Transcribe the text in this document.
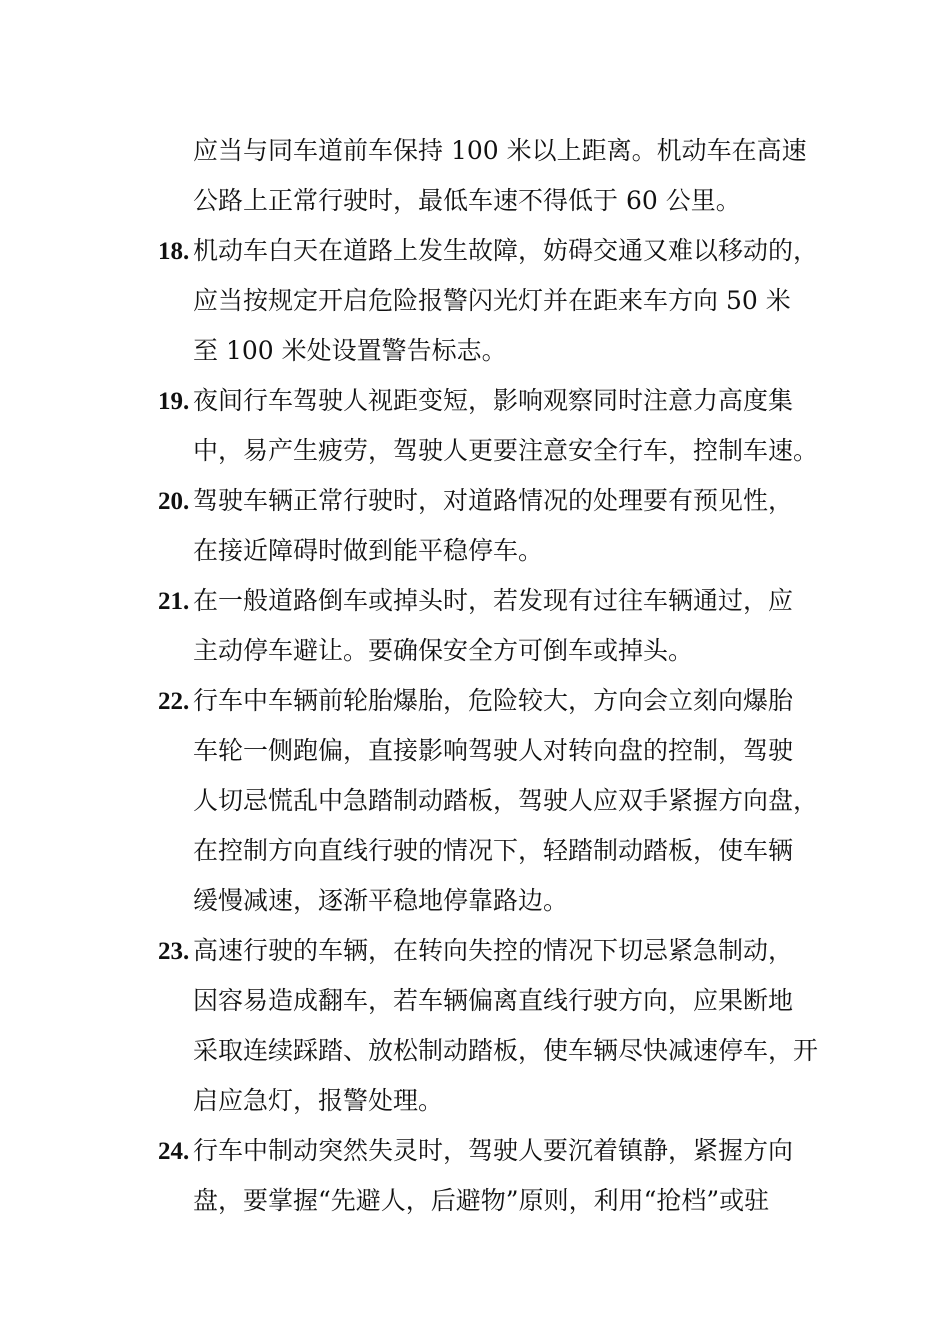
应当与同车道前车保持 100 米以上距离。机动车在高速
公路上正常行驶时，最低车速不得低于 60 公里。
18. 机动车白天在道路上发生故障，妨碍交通又难以移动的，
应当按规定开启危险报警闪光灯并在距来车方向 50 米
至 100 米处设置警告标志。
19. 夜间行车驾驶人视距变短，影响观察同时注意力高度集
中，易产生疲劳，驾驶人更要注意安全行车，控制车速。
20. 驾驶车辆正常行驶时，对道路情况的处理要有预见性，
在接近障碍时做到能平稳停车。
21. 在一般道路倒车或掉头时，若发现有过往车辆通过，应
主动停车避让。要确保安全方可倒车或掉头。
22. 行车中车辆前轮胎爆胎，危险较大，方向会立刻向爆胎
车轮一侧跑偏，直接影响驾驶人对转向盘的控制，驾驶
人切忌慌乱中急踏制动踏板，驾驶人应双手紧握方向盘，
在控制方向直线行驶的情况下，轻踏制动踏板，使车辆
缓慢减速，逐渐平稳地停靠路边。
23. 高速行驶的车辆，在转向失控的情况下切忌紧急制动，
因容易造成翻车，若车辆偏离直线行驶方向，应果断地
采取连续踩踏、放松制动踏板，使车辆尽快减速停车，开
启应急灯，报警处理。
24. 行车中制动突然失灵时，驾驶人要沉着镇静，紧握方向
盘，要掌握“先避人，后避物”原则，利用“抢档”或驻
